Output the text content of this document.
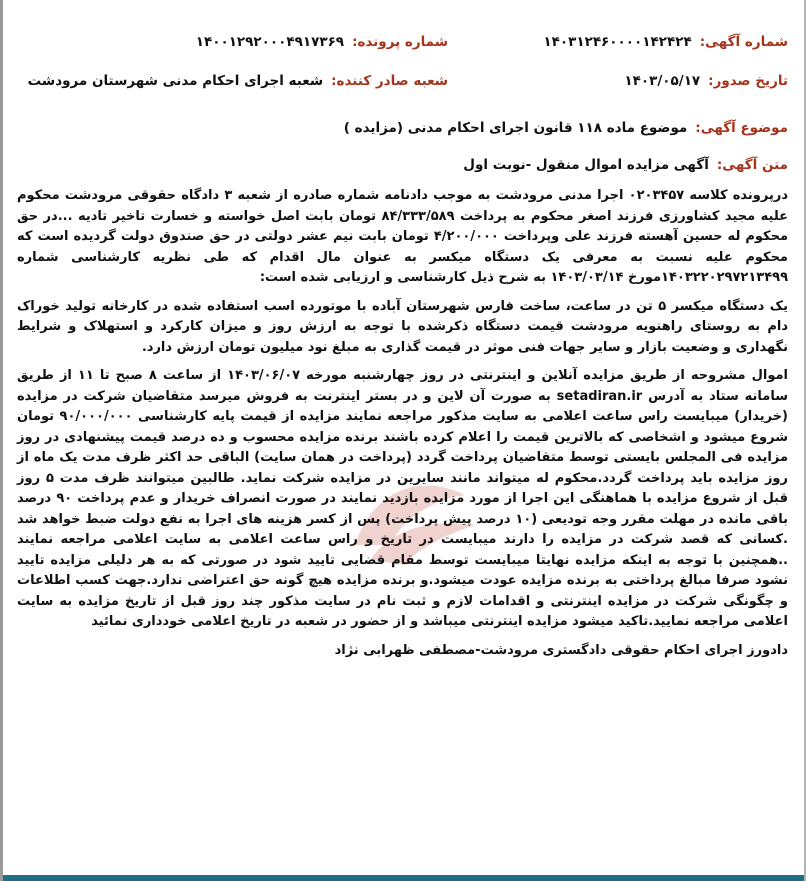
شماره آگهی:
۱۴۰۳۱۲۴۶۰۰۰۰۱۴۲۴۲۴
شماره پرونده:
۱۴۰۰۱۲۹۲۰۰۰۴۹۱۷۳۶۹
تاریخ صدور:
۱۴۰۳/۰۵/۱۷
شعبه صادر کننده:
شعبه اجرای احکام مدنی شهرستان مرودشت
موضوع آگهی:
موضوع ماده ۱۱۸ قانون اجرای احکام مدنی (مزایده )
متن آگهی:
آگهی مزایده اموال منقول -نوبت اول

درپرونده کلاسه ۰۲۰۳۴۵۷ اجرا مدنی مرودشت به موجب دادنامه شماره صادره از شعبه ۳ دادگاه حقوقی مرودشت محکوم علیه مجید کشاورزی فرزند اصغر محکوم به پرداخت ۸۴/۳۳۳/۵۸۹ تومان بابت اصل خواسته و خسارت تاخیر تادیه ...در حق محکوم له حسین آهسته فرزند علی وپرداخت ۴/۲۰۰/۰۰۰ تومان بابت نیم عشر دولتی در حق صندوق دولت گردیده است که محکوم علیه نسبت به معرفی یک دستگاه میکسر به عنوان مال اقدام که طی نظریه کارشناسی شماره ۱۴۰۳۲۲۰۲۹۷۲۱۳۴۹۹مورخ ۱۴۰۳/۰۳/۱۴ به شرح ذیل کارشناسی و ارزیابی شده است:

یک دستگاه میکسر ۵ تن در ساعت، ساخت فارس شهرستان آباده با موتورده اسب استفاده شده در کارخانه تولید خوراک دام به روستای راهنویه مرودشت قیمت دستگاه ذکرشده با توجه به ارزش روز و میزان کارکرد و استهلاک و شرایط نگهداری و وضعیت بازار و سایر جهات فنی موثر در قیمت گذاری به مبلغ نود میلیون تومان ارزش دارد.

اموال مشروحه از طریق مزایده آنلاین و اینترنتی در روز چهارشنبه مورخه ۱۴۰۳/۰۶/۰۷ از ساعت ۸ صبح تا ۱۱ از طریق سامانه ستاد به آدرس setadiran.ir به صورت آن لاین و در بستر اینترنت به فروش میرسد متقاضیان شرکت در مزایده (خریدار) میبایست راس ساعت اعلامی به سایت مذکور مراجعه نمایند مزایده از قیمت پایه کارشناسی ۹۰/۰۰۰/۰۰۰ تومان شروع میشود و اشخاصی که بالاترین قیمت را اعلام کرده باشند برنده مزایده محسوب و ده درصد قیمت پیشنهادی در روز مزایده فی المجلس بایستی توسط متقاضیان پرداخت گردد (پرداخت در همان سایت) الباقی حد اکثر ظرف مدت یک ماه از روز مزایده باید پرداخت گردد.محکوم له میتواند مانند سایرین در مزایده شرکت نماید. طالبین میتوانند ظرف مدت ۵ روز قبل از شروع مزایده با هماهنگی این اجرا از مورد مزایده بازدید نمایند در صورت انصراف خریدار و عدم پرداخت ۹۰ درصد باقی مانده در مهلت مقرر وجه تودیعی (۱۰ درصد پیش پرداخت) پس از کسر هزینه های اجرا به نفع دولت ضبط خواهد شد .کسانی که قصد شرکت در مزایده را دارند میبایست در تاریخ و راس ساعت اعلامی به سایت اعلامی مراجعه نمایند ..همچنین با توجه به اینکه مزایده نهایتا میبایست توسط مقام قضایی تایید شود در صورتی که به هر دلیلی مزایده تایید نشود صرفا مبالغ پرداختی به برنده مزایده عودت میشود.و برنده مزایده هیچ گونه حق اعتراضی ندارد.جهت کسب اطلاعات و چگونگی شرکت در مزایده اینترنتی و اقدامات لازم و ثبت نام در سایت مذکور چند روز قبل از تاریخ مزایده به سایت اعلامی مراجعه نمایید.تاکید میشود مزایده اینترنتی میباشد و از حضور در شعبه در تاریخ اعلامی خودداری نمائید

دادورز اجرای احکام حقوقی دادگستری مرودشت-مصطفی ظهرابی نژاد
